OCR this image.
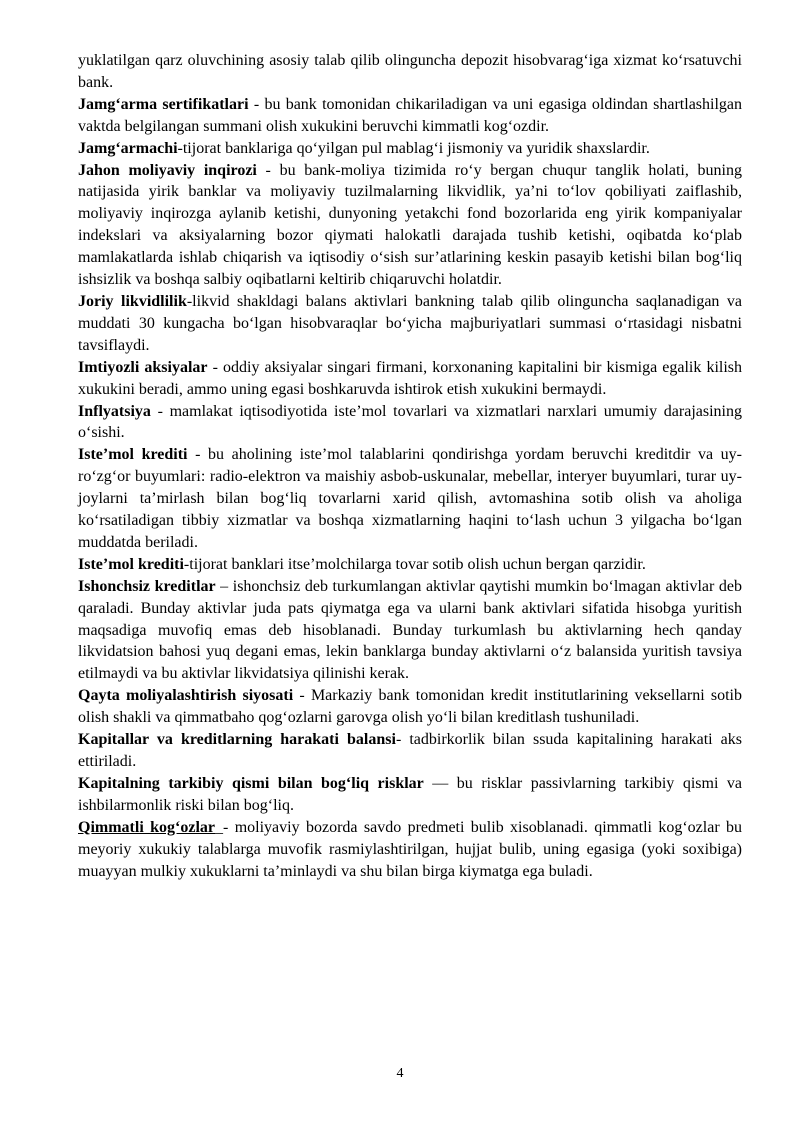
yuklatilgan qarz oluvchining asosiy talab qilib olinguncha depozit hisobvarag‘iga xizmat ko‘rsatuvchi bank.

Jamg‘arma sertifikatlari - bu bank tomonidan chikariladigan va uni egasiga oldindan shartlashilgan vaktda belgilangan summani olish xukukini beruvchi kimmatli kog‘ozdir.

Jamg‘armachi-tijorat banklariga qo‘yilgan pul mablag‘i jismoniy va yuridik shaxslardir.

Jahon moliyaviy inqirozi - bu bank-moliya tizimida ro‘y bergan chuqur tanglik holati, buning natijasida yirik banklar va moliyaviy tuzilmalarning likvidlik, ya’ni to‘lov qobiliyati zaiflashib, moliyaviy inqirozga aylanib ketishi, dunyoning yetakchi fond bozorlarida eng yirik kompaniyalar indekslari va aksiyalarning bozor qiymati halokatli darajada tushib ketishi, oqibatda ko‘plab mamlakatlarda ishlab chiqarish va iqtisodiy o‘sish sur’atlarining keskin pasayib ketishi bilan bog‘liq ishsizlik va boshqa salbiy oqibatlarni keltirib chiqaruvchi holatdir.

Joriy likvidlilik-likvid shakldagi balans aktivlari bankning talab qilib olinguncha saqlanadigan va muddati 30 kungacha bo‘lgan hisobvaraqlar bo‘yicha majburiyatlari summasi o‘rtasidagi nisbatni tavsiflaydi.

Imtiyozli aksiyalar - oddiy aksiyalar singari firmani, korxonaning kapitalini bir kismiga egalik kilish xukukini beradi, ammo uning egasi boshkaruvda ishtirok etish xukukini bermaydi.

Inflyatsiya - mamlakat iqtisodiyotida iste’mol tovarlari va xizmatlari narxlari umumiy darajasining o‘sishi.

Iste’mol krediti - bu aholining iste’mol talablarini qondirishga yordam beruvchi kreditdir va uy-ro‘zg‘or buyumlari: radio-elektron va maishiy asbob-uskunalar, mebellar, interyer buyumlari, turar uy-joylarni ta’mirlash bilan bog‘liq tovarlarni xarid qilish, avtomashina sotib olish va aholiga ko‘rsatiladigan tibbiy xizmatlar va boshqa xizmatlarning haqini to‘lash uchun 3 yilgacha bo‘lgan muddatda beriladi.

Iste’mol krediti-tijorat banklari itse’molchilarga tovar sotib olish uchun bergan qarzidir.

Ishonchsiz kreditlar – ishonchsiz deb turkumlangan aktivlar qaytishi mumkin bo‘lmagan aktivlar deb qaraladi. Bunday aktivlar juda pats qiymatga ega va ularni bank aktivlari sifatida hisobga yuritish maqsadiga muvofiq emas deb hisoblanadi. Bunday turkumlash bu aktivlarning hech qanday likvidatsion bahosi yuq degani emas, lekin banklarga bunday aktivlarni o‘z balansida yuritish tavsiya etilmaydi va bu aktivlar likvidatsiya qilinishi kerak.

Qayta moliyalashtirish siyosati - Markaziy bank tomonidan kredit institutlarining veksellarni sotib olish shakli va qimmatbaho qog‘ozlarni garovga olish yo‘li bilan kreditlash tushuniladi.

Kapitallar va kreditlarning harakati balansi- tadbirkorlik bilan ssuda kapitalining harakati aks ettiriladi.

Kapitalning tarkibiy qismi bilan bog‘liq risklar — bu risklar passivlarning tarkibiy qismi va ishbilarmonlik riski bilan bog‘liq.

Qimmatli kog‘ozlar_- moliyaviy bozorda savdo predmeti bulib xisoblanadi. qimmatli kog‘ozlar bu meyoriy xukukiy talablarga muvofik rasmiylashtirilgan, hujjat bulib, uning egasiga (yoki soxibiga) muayyan mulkiy xukuklarni ta’minlaydi va shu bilan birga kiymatga ega buladi.

4
